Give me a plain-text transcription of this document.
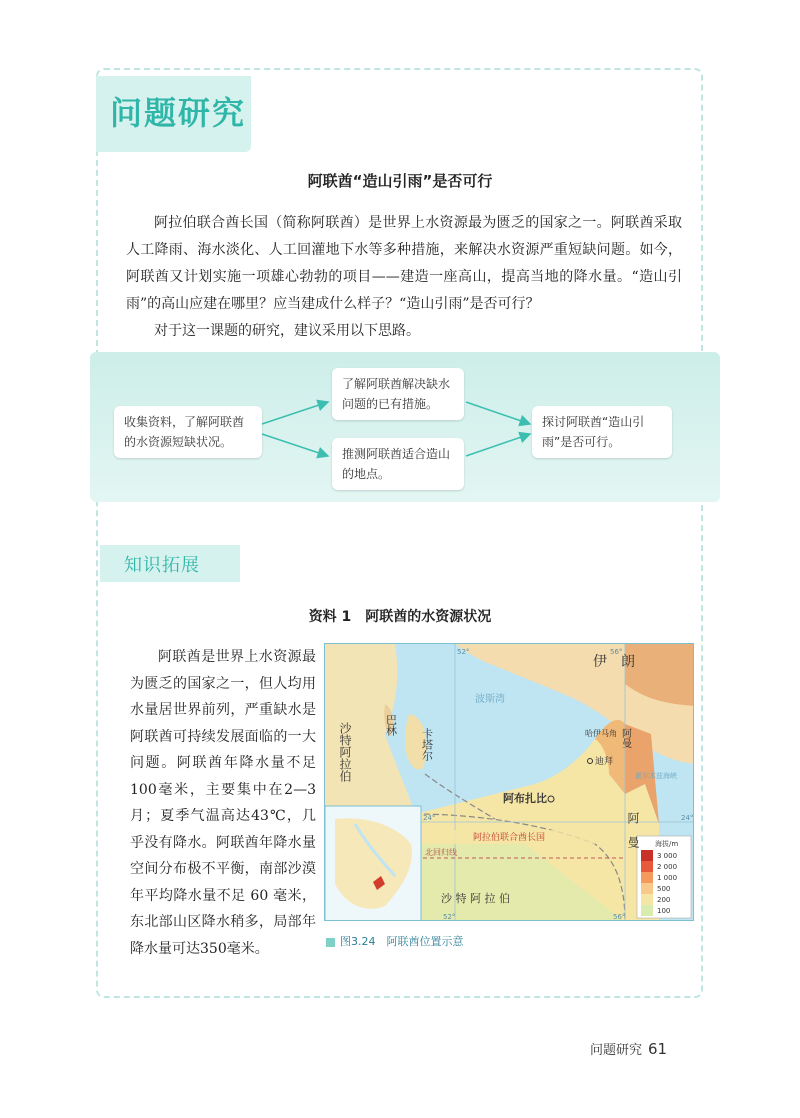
问题研究
阿联酋“造山引雨”是否可行

阿拉伯联合酋长国（简称阿联酋）是世界上水资源最为匮乏的国家之一。阿联酋采取人工降雨、海水淡化、人工回灌地下水等多种措施，来解决水资源严重短缺问题。如今，阿联酋又计划实施一项雄心勃勃的项目——建造一座高山，提高当地的降水量。“造山引雨”的高山应建在哪里？应当建成什么样子？“造山引雨”是否可行？

对于这一课题的研究，建议采用以下思路。

收集资料，了解阿联酋的水资源短缺状况。
了解阿联酋解决缺水问题的已有措施。
推测阿联酋适合造山的地点。
探讨阿联酋“造山引雨”是否可行。
知识拓展
资料 1　阿联酋的水资源状况

阿联酋是世界上水资源最为匮乏的国家之一，但人均用水量居世界前列，严重缺水是阿联酋可持续发展面临的一大问题。阿联酋年降水量不足100毫米，主要集中在2—3月；夏季气温高达43℃，几乎没有降水。阿联酋年降水量空间分布极不平衡，南部沙漠年平均降水量不足 60 毫米，东北部山区降水稍多，局部年降水量可达350毫米。

海拔/m
3 000
2 000
1 000
500
200
100
伊　朗
沙特阿拉伯	巴林
卡塔尔
阿布扎比
迪拜
哈伊马角 阿曼
阿　曼
阿拉伯联合酋长国
沙 特 阿 拉 伯
北回归线
52°	56°
52°	56°
24°	24°
波斯湾
霍尔木兹海峡
图3.24　 阿联酋位置示意
问题研究 61
